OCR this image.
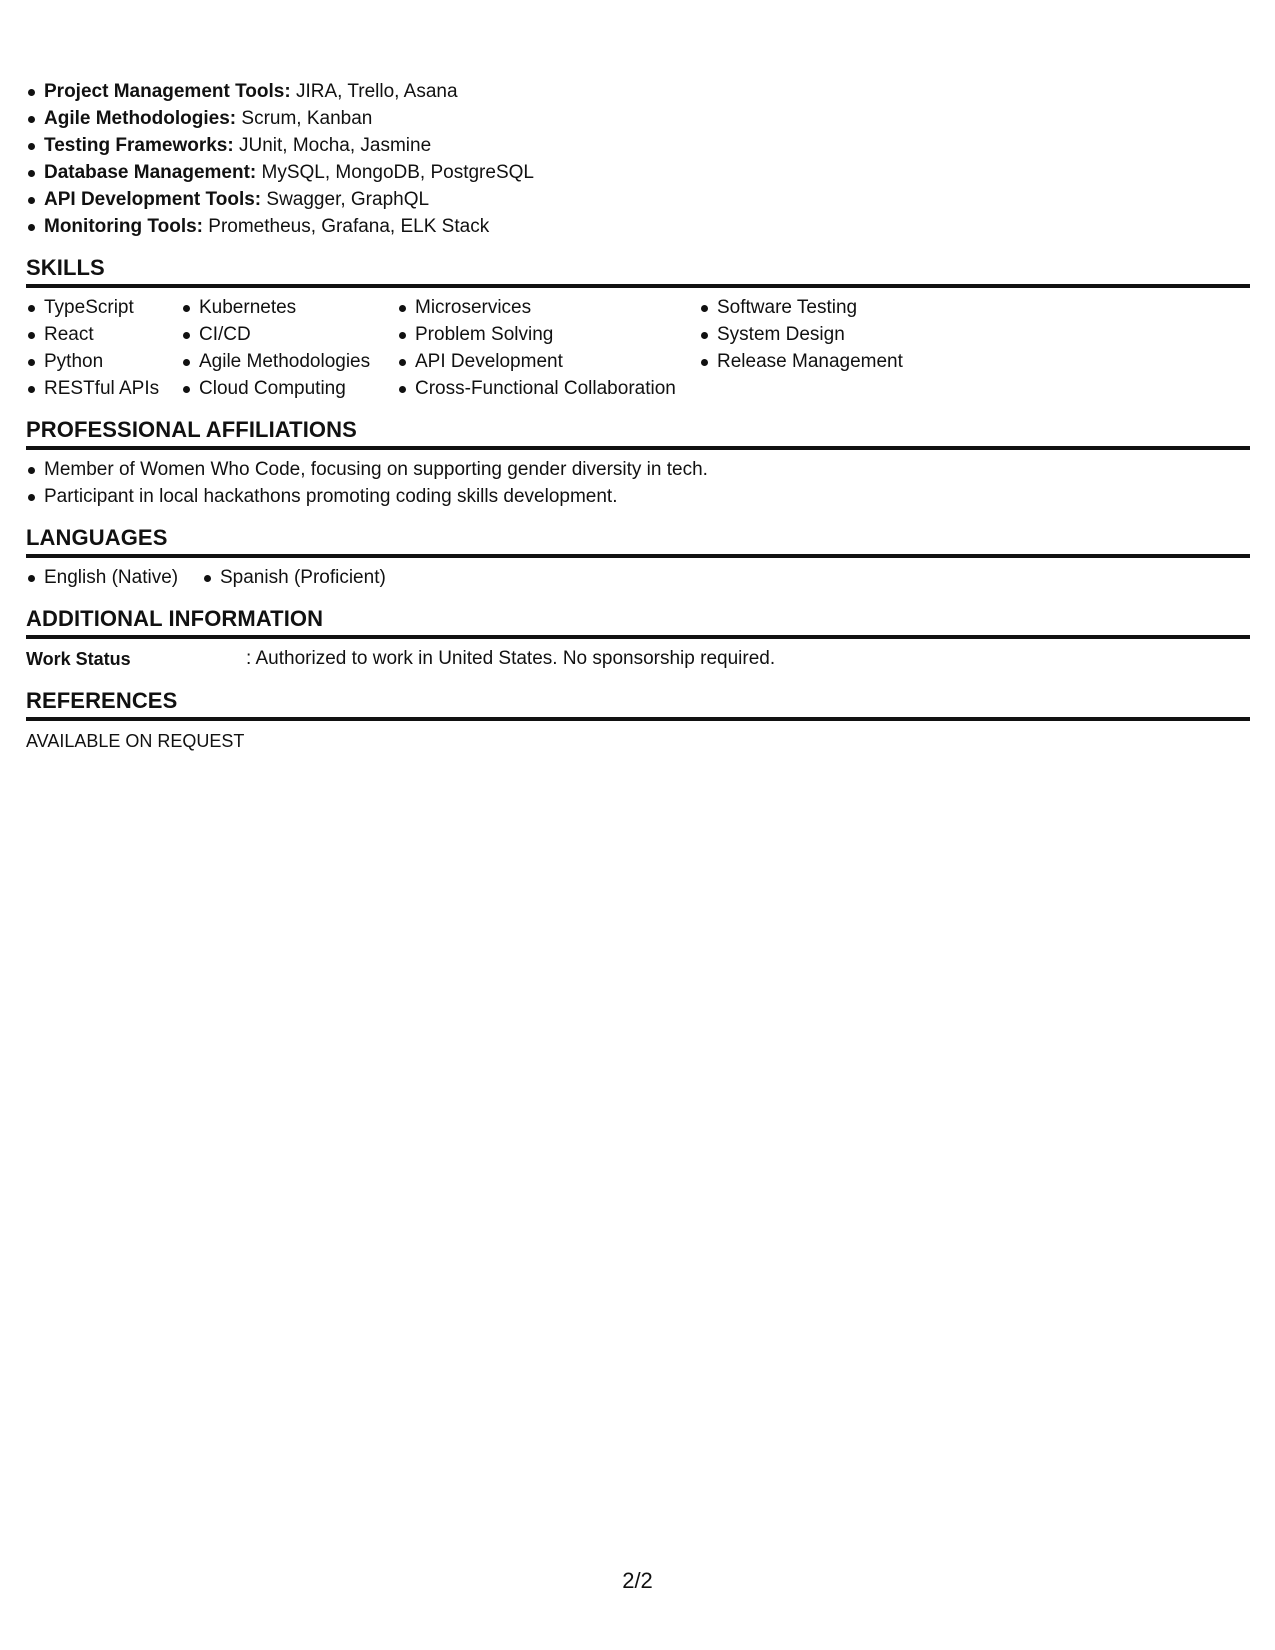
Project Management Tools: JIRA, Trello, Asana
Agile Methodologies: Scrum, Kanban
Testing Frameworks: JUnit, Mocha, Jasmine
Database Management: MySQL, MongoDB, PostgreSQL
API Development Tools: Swagger, GraphQL
Monitoring Tools: Prometheus, Grafana, ELK Stack
SKILLS
TypeScript
React
Python
RESTful APIs
Kubernetes
CI/CD
Agile Methodologies
Cloud Computing
Microservices
Problem Solving
API Development
Cross-Functional Collaboration
Software Testing
System Design
Release Management
PROFESSIONAL AFFILIATIONS
Member of Women Who Code, focusing on supporting gender diversity in tech.
Participant in local hackathons promoting coding skills development.
LANGUAGES
English (Native)	Spanish (Proficient)
ADDITIONAL INFORMATION
Work Status	: Authorized to work in United States. No sponsorship required.
REFERENCES
AVAILABLE ON REQUEST
2/2
